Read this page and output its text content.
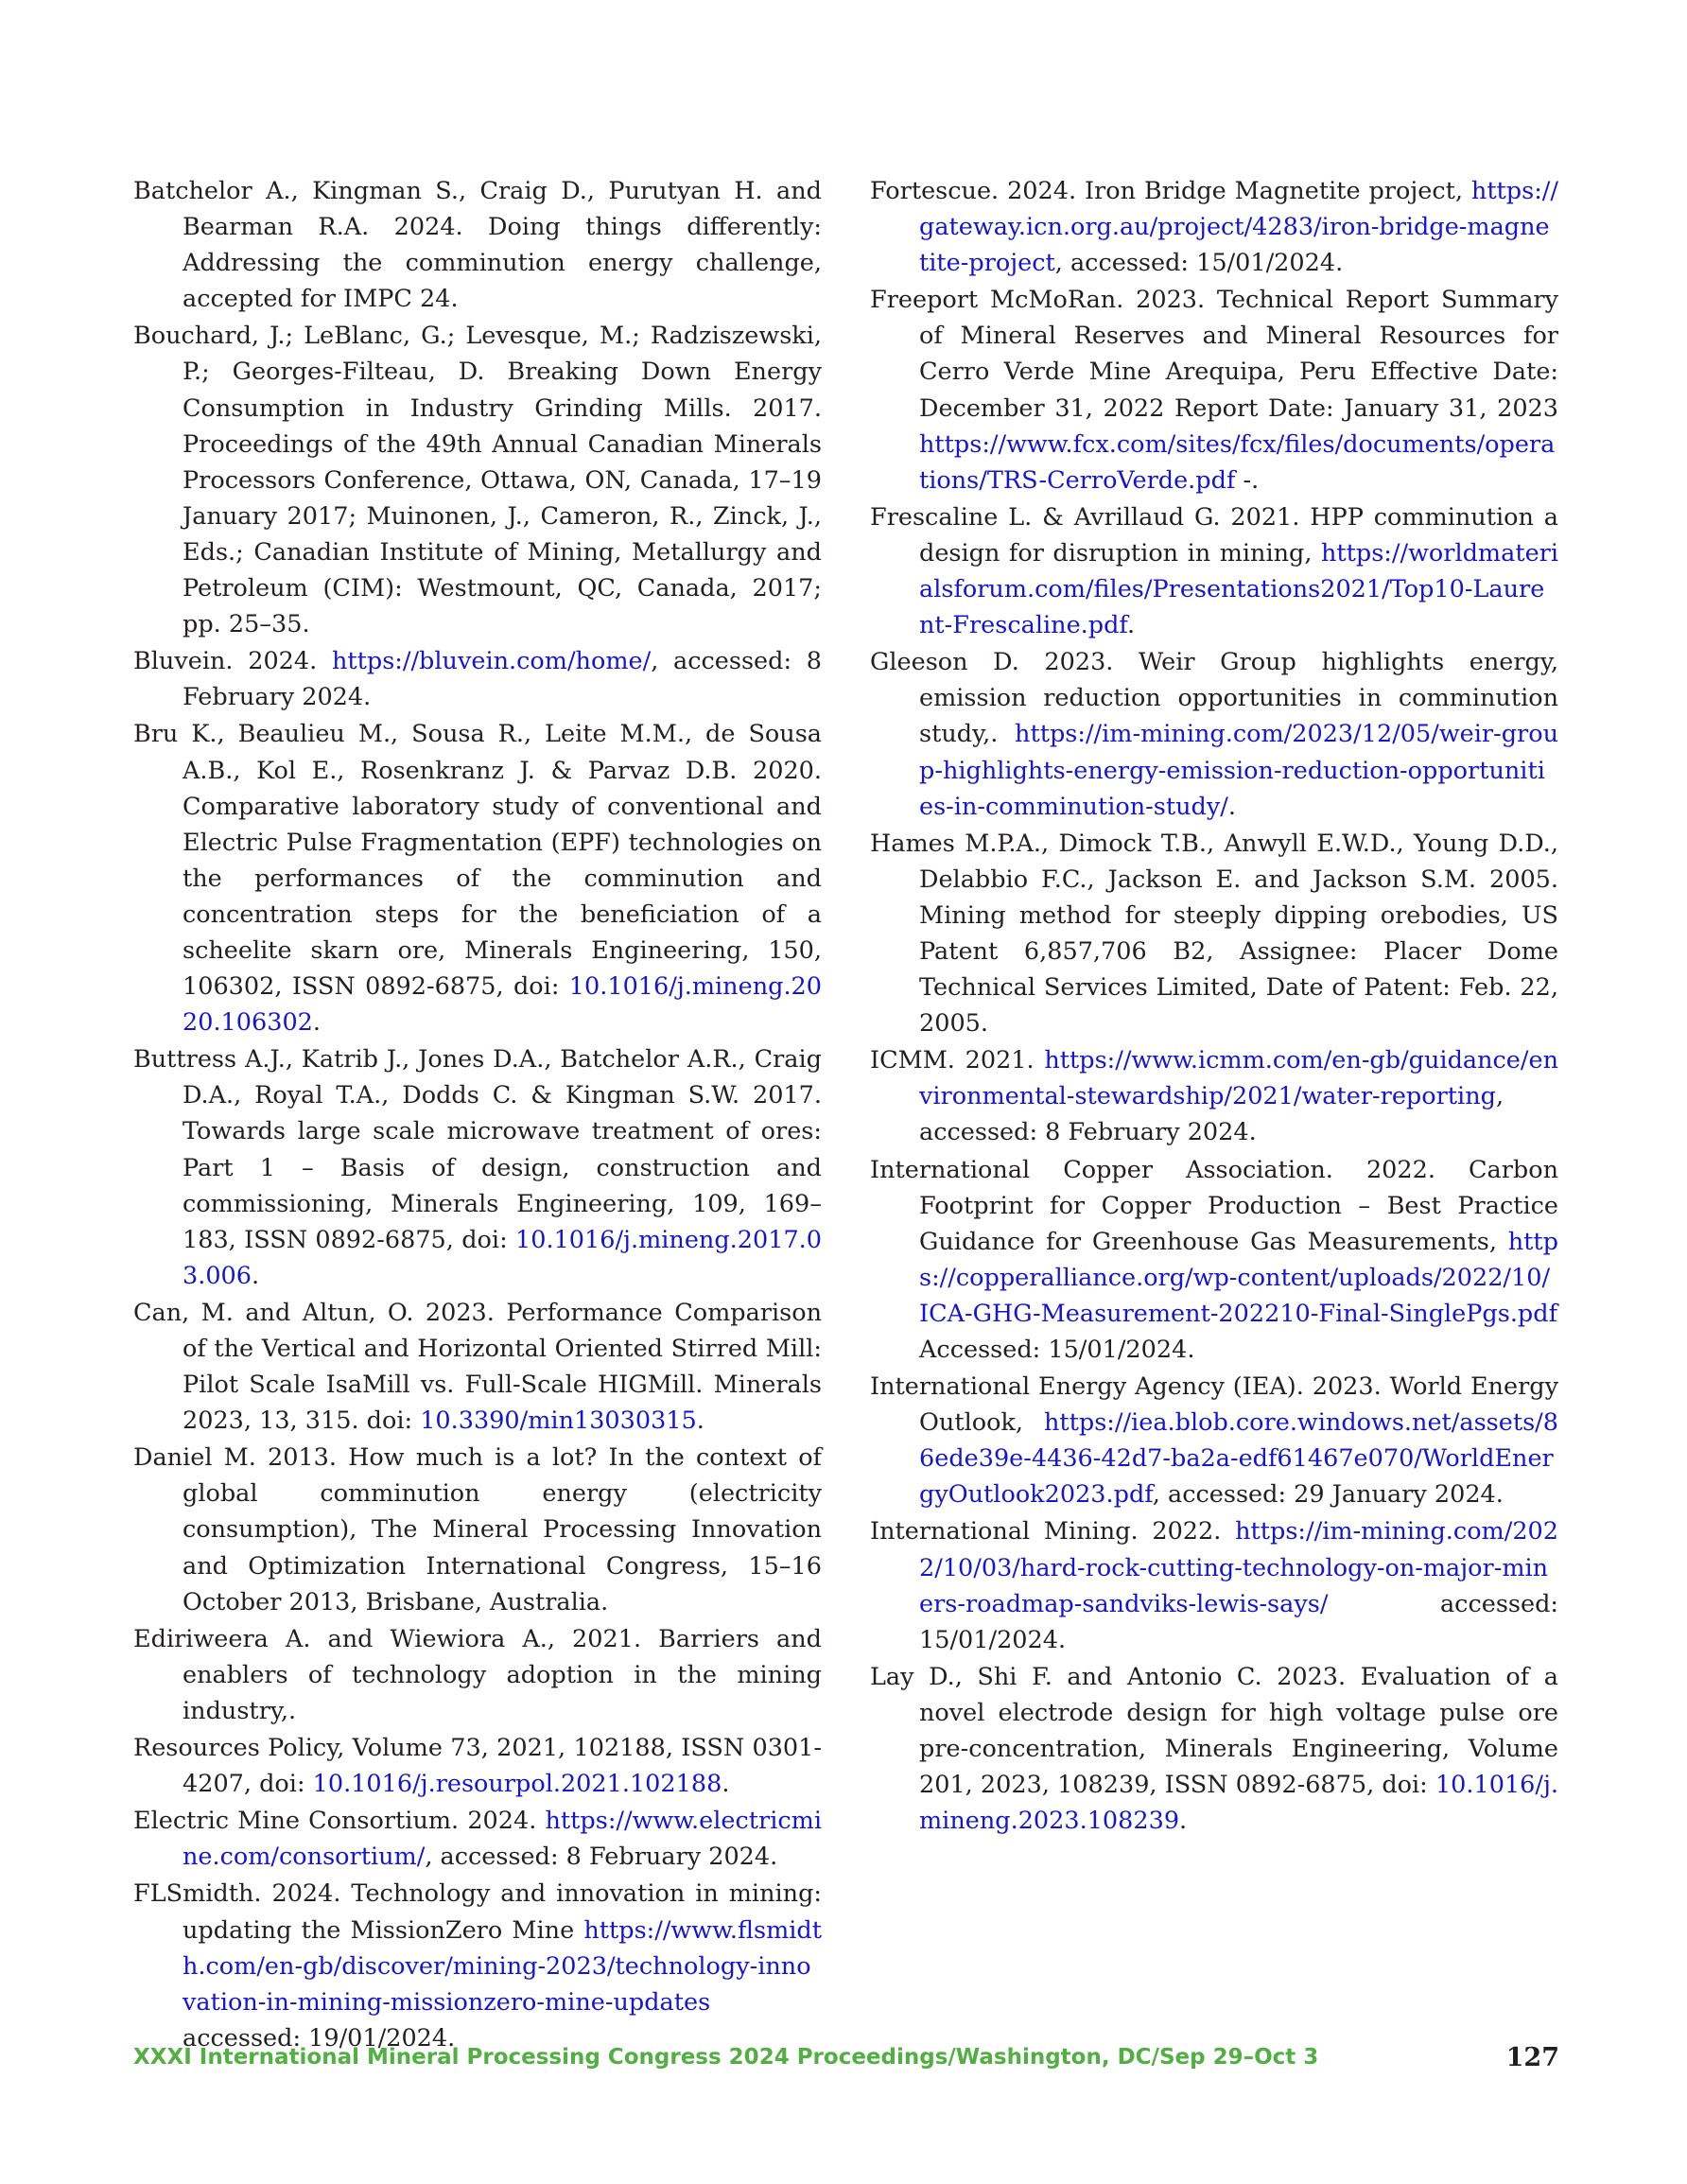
Batchelor A., Kingman S., Craig D., Purutyan H. and Bearman R.A. 2024. Doing things differently: Addressing the comminution energy challenge, accepted for IMPC 24.

Bouchard, J.; LeBlanc, G.; Levesque, M.; Radziszewski, P.; Georges-Filteau, D. Breaking Down Energy Consumption in Industry Grinding Mills. 2017. Proceedings of the 49th Annual Canadian Minerals Processors Conference, Ottawa, ON, Canada, 17–19 January 2017; Muinonen, J., Cameron, R., Zinck, J., Eds.; Canadian Institute of Mining, Metallurgy and Petroleum (CIM): Westmount, QC, Canada, 2017; pp. 25–35.

Bluvein. 2024. https://bluvein.com/home/, accessed: 8 February 2024.

Bru K., Beaulieu M., Sousa R., Leite M.M., de Sousa A.B., Kol E., Rosenkranz J. & Parvaz D.B. 2020. Comparative laboratory study of conventional and Electric Pulse Fragmentation (EPF) technologies on the performances of the comminution and concentration steps for the beneficiation of a scheelite skarn ore, Minerals Engineering, 150, 106302, ISSN 0892-6875, doi: 10.1016/j.mineng.2020.106302.

Buttress A.J., Katrib J., Jones D.A., Batchelor A.R., Craig D.A., Royal T.A., Dodds C. & Kingman S.W. 2017. Towards large scale microwave treatment of ores: Part 1 – Basis of design, construction and commissioning, Minerals Engineering, 109, 169–183, ISSN 0892-6875, doi: 10.1016/j.mineng.2017.03.006.

Can, M. and Altun, O. 2023. Performance Comparison of the Vertical and Horizontal Oriented Stirred Mill: Pilot Scale IsaMill vs. Full-Scale HIGMill. Minerals 2023, 13, 315. doi: 10.3390/min13030315.

Daniel M. 2013. How much is a lot? In the context of global comminution energy (electricity consumption), The Mineral Processing Innovation and Optimization International Congress, 15–16 October 2013, Brisbane, Australia.

Ediriweera A. and Wiewiora A., 2021. Barriers and enablers of technology adoption in the mining industry,.

Resources Policy, Volume 73, 2021, 102188, ISSN 0301-4207, doi: 10.1016/j.resourpol.2021.102188.

Electric Mine Consortium. 2024. https://www.electricmine.com/consortium/, accessed: 8 February 2024.

FLSmidth. 2024. Technology and innovation in mining: updating the MissionZero Mine https://www.flsmidth.com/en-gb/discover/mining-2023/technology-innovation-in-mining-missionzero-mine-updates accessed: 19/01/2024.

Fortescue. 2024. Iron Bridge Magnetite project, https://gateway.icn.org.au/project/4283/iron-bridge-magnetite-project, accessed: 15/01/2024.

Freeport McMoRan. 2023. Technical Report Summary of Mineral Reserves and Mineral Resources for Cerro Verde Mine Arequipa, Peru Effective Date: December 31, 2022 Report Date: January 31, 2023 https://www.fcx.com/sites/fcx/files/documents/operations/TRS-CerroVerde.pdf -.

Frescaline L. & Avrillaud G. 2021. HPP comminution a design for disruption in mining, https://worldmaterialsforum.com/files/Presentations2021/Top10-Laurent-Frescaline.pdf.

Gleeson D. 2023. Weir Group highlights energy, emission reduction opportunities in comminution study,. https://im-mining.com/2023/12/05/weir-group-highlights-energy-emission-reduction-opportunities-in-comminution-study/.

Hames M.P.A., Dimock T.B., Anwyll E.W.D., Young D.D., Delabbio F.C., Jackson E. and Jackson S.M. 2005. Mining method for steeply dipping orebodies, US Patent 6,857,706 B2, Assignee: Placer Dome Technical Services Limited, Date of Patent: Feb. 22, 2005.

ICMM. 2021. https://www.icmm.com/en-gb/guidance/environmental-stewardship/2021/water-reporting, accessed: 8 February 2024.

International Copper Association. 2022. Carbon Footprint for Copper Production – Best Practice Guidance for Greenhouse Gas Measurements, https://copperalliance.org/wp-content/uploads/2022/10/ICA-GHG-Measurement-202210-Final-SinglePgs.pdf Accessed: 15/01/2024.

International Energy Agency (IEA). 2023. World Energy Outlook, https://iea.blob.core.windows.net/assets/86ede39e-4436-42d7-ba2a-edf61467e070/WorldEnergyOutlook2023.pdf, accessed: 29 January 2024.

International Mining. 2022. https://im-mining.com/2022/10/03/hard-rock-cutting-technology-on-major-miners-roadmap-sandviks-lewis-says/ accessed: 15/01/2024.

Lay D., Shi F. and Antonio C. 2023. Evaluation of a novel electrode design for high voltage pulse ore pre-concentration, Minerals Engineering, Volume 201, 2023, 108239, ISSN 0892-6875, doi: 10.1016/j.mineng.2023.108239.

XXXI International Mineral Processing Congress 2024 Proceedings/Washington, DC/Sep 29–Oct 3	127
